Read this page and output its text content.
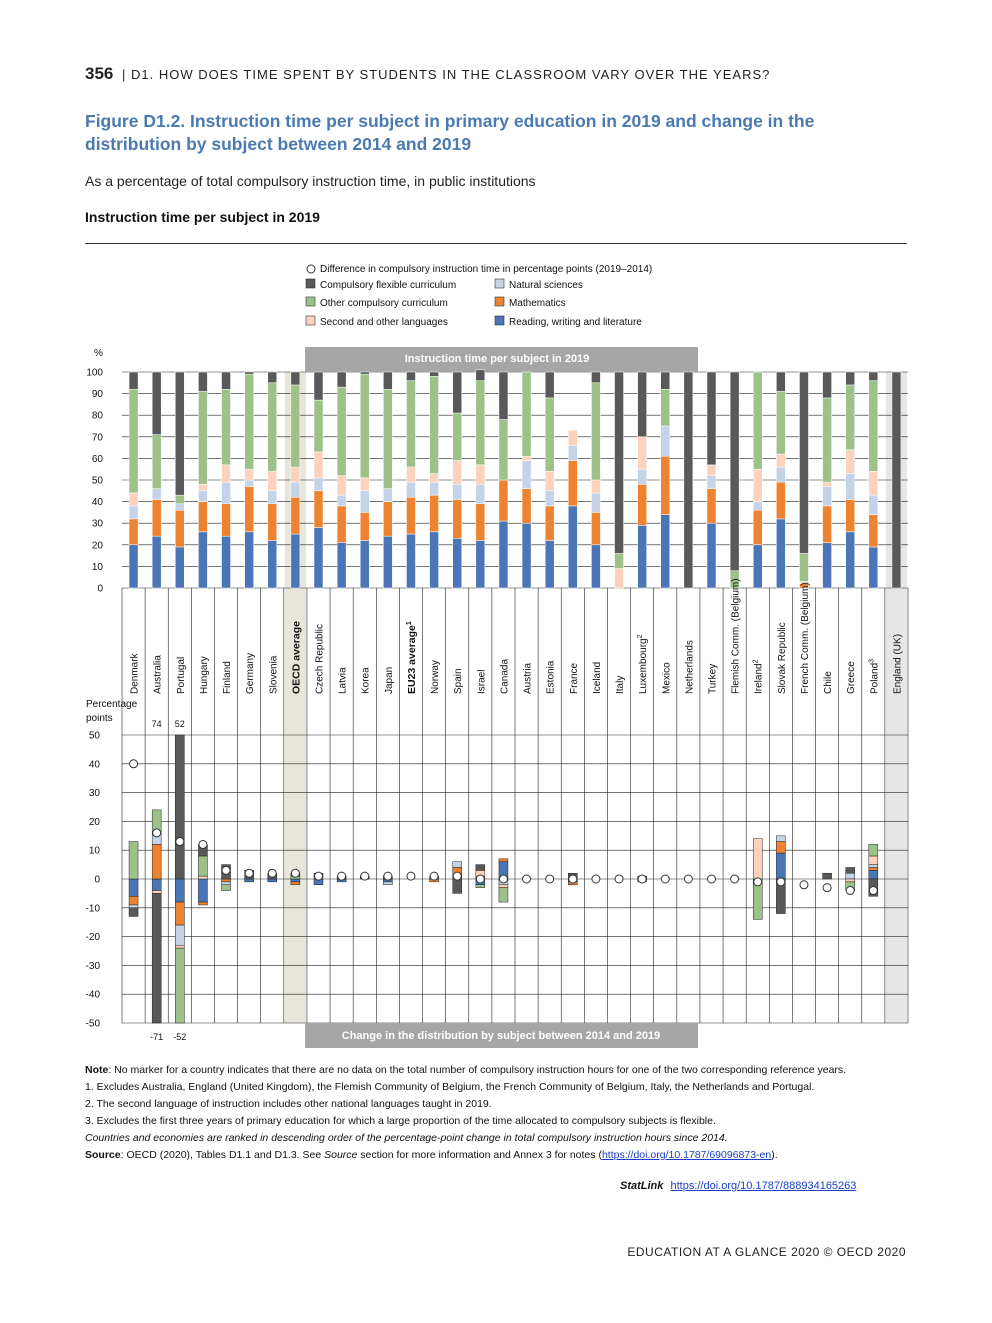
356 | D1. HOW DOES TIME SPENT BY STUDENTS IN THE CLASSROOM VARY OVER THE YEARS?
Figure D1.2. Instruction time per subject in primary education in 2019 and change in the distribution by subject between 2014 and 2019
As a percentage of total compulsory instruction time, in public institutions
Instruction time per subject in 2019
Difference in compulsory instruction time in percentage points (2019–2014)
Compulsory flexible curriculum	Natural sciences
Other compulsory curriculum	Mathematics
Second and other languages	Reading, writing and literature
%
100
90
80
70
60
50
40
30
20
10
0
Instruction time per subject in 2019
Denmark Australia Portugal Hungary Finland Germany Slovenia OECD average Czech Republic Latvia Korea Japan EU23 average$^1$
Norway Spain Israel Canada Austria Estonia France Iceland Italy Luxembourg$^2$
Mexico Netherlands Turkey Flemish Comm. (Belgium) Ireland$^2$	Slovak Republic French Comm. (Belgium) Chile Greece Poland$^3$	England (UK)
Percentage
points
50
40
30
20
10
0
-10
-20
-30
-40
-50
74
-71
52
-52	Change in the distribution by subject between 2014 and 2019

Note: No marker for a country indicates that there are no data on the total number of compulsory instruction hours for one of the two corresponding reference years.

1. Excludes Australia, England (United Kingdom), the Flemish Community of Belgium, the French Community of Belgium, Italy, the Netherlands and Portugal.

2. The second language of instruction includes other national languages taught in 2019.

3. Excludes the first three years of primary education for which a large proportion of the time allocated to compulsory subjects is flexible.

Countries and economies are ranked in descending order of the percentage-point change in total compulsory instruction hours since 2014.

Source: OECD (2020), Tables D1.1 and D1.3. See Source section for more information and Annex 3 for notes (https://doi.org/10.1787/69096873-en).

StatLink https://doi.org/10.1787/888934165263
EDUCATION AT A GLANCE 2020 © OECD 2020
